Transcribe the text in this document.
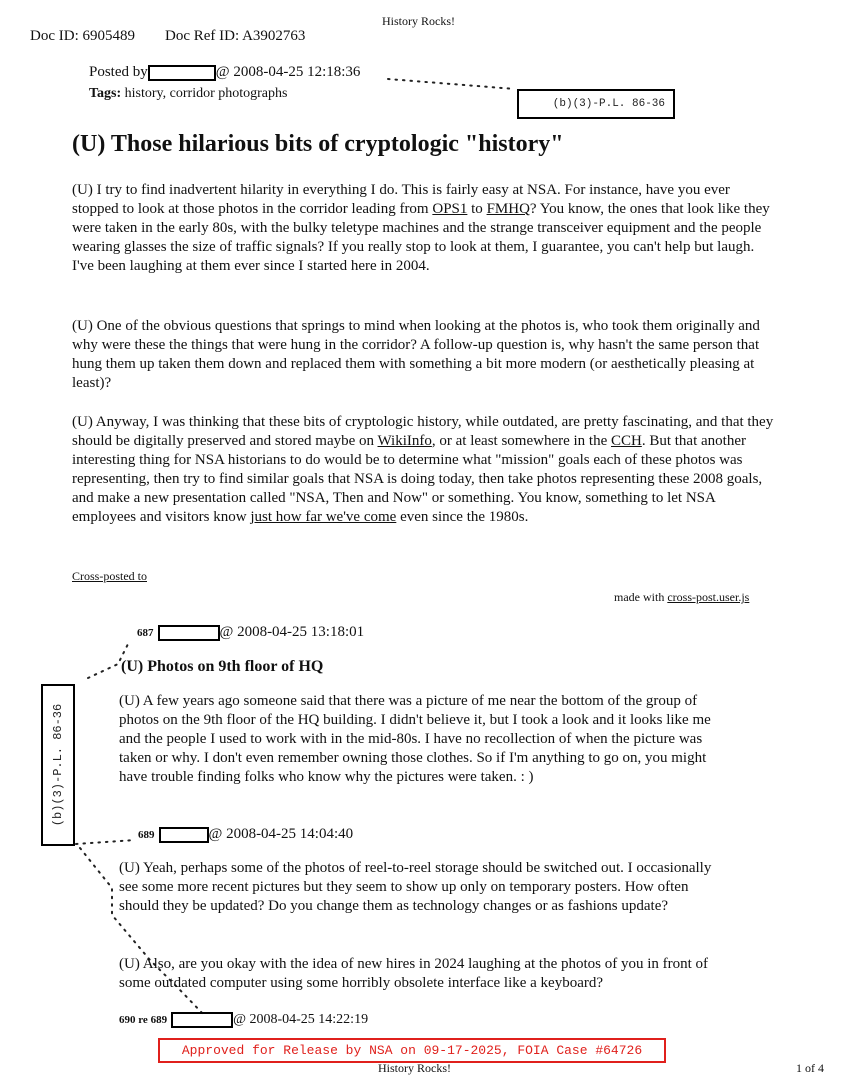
History Rocks!
Doc ID: 6905489 Doc Ref ID: A3902763
Posted by	@ 2008-04-25 12:18:36
Tags: history, corridor photographs
(b)(3)-P.L. 86-36
(U) Those hilarious bits of cryptologic "history"
(U) I try to find inadvertent hilarity in everything I do. This is fairly easy at NSA. For instance, have you ever stopped to look at those photos in the corridor leading from OPS1 to FMHQ? You know, the ones that look like they were taken in the early 80s, with the bulky teletype machines and the strange transceiver equipment and the people wearing glasses the size of traffic signals? If you really stop to look at them, I guarantee, you can't help but laugh. I've been laughing at them ever since I started here in 2004.
(U) One of the obvious questions that springs to mind when looking at the photos is, who took them originally and why were these the things that were hung in the corridor? A follow-up question is, why hasn't the same person that hung them up taken them down and replaced them with something a bit more modern (or aesthetically pleasing at least)?
(U) Anyway, I was thinking that these bits of cryptologic history, while outdated, are pretty fascinating, and that they should be digitally preserved and stored maybe on WikiInfo, or at least somewhere in the CCH. But that another interesting thing for NSA historians to do would be to determine what "mission" goals each of these photos was representing, then try to find similar goals that NSA is doing today, then take photos representing these 2008 goals, and make a new presentation called "NSA, Then and Now" or something. You know, something to let NSA employees and visitors know just how far we've come even since the 1980s.
Cross-posted to
made with cross-post.user.js
687	@ 2008-04-25 13:18:01
(U) Photos on 9th floor of HQ
(U) A few years ago someone said that there was a picture of me near the bottom of the group of photos on the 9th floor of the HQ building. I didn't believe it, but I took a look and it looks like me and the people I used to work with in the mid-80s. I have no recollection of when the picture was taken or why. I don't even remember owning those clothes. So if I'm anything to go on, you might have trouble finding folks who know why the pictures were taken. : )
689	@ 2008-04-25 14:04:40
(U) Yeah, perhaps some of the photos of reel-to-reel storage should be switched out. I occasionally see some more recent pictures but they seem to show up only on temporary posters. How often should they be updated? Do you change them as technology changes or as fashions update?
(U) Also, are you okay with the idea of new hires in 2024 laughing at the photos of you in front of some outdated computer using some horribly obsolete interface like a keyboard?
690 re 689	@ 2008-04-25 14:22:19
(b)(3)-P.L. 86-36
Approved for Release by NSA on 09-17-2025, FOIA Case #64726
History Rocks!	1 of 4
